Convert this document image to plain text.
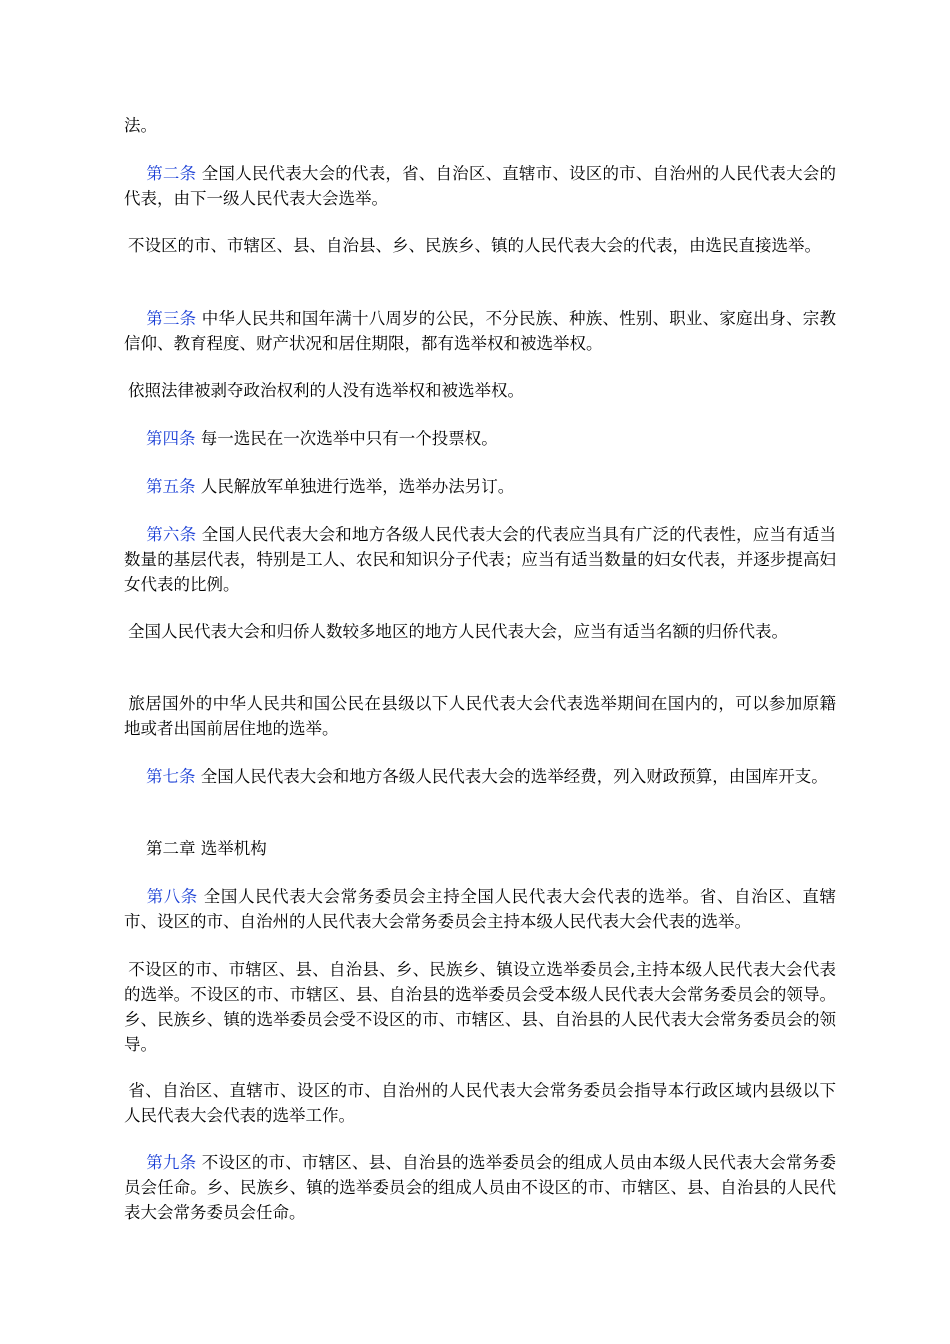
法。

第二条 全国人民代表大会的代表，省、自治区、直辖市、设区的市、自治州的人民代表大会的代表，由下一级人民代表大会选举。

不设区的市、市辖区、县、自治县、乡、民族乡、镇的人民代表大会的代表，由选民直接选举。

第三条 中华人民共和国年满十八周岁的公民，不分民族、种族、性别、职业、家庭出身、宗教信仰、教育程度、财产状况和居住期限，都有选举权和被选举权。

依照法律被剥夺政治权利的人没有选举权和被选举权。

第四条 每一选民在一次选举中只有一个投票权。

第五条 人民解放军单独进行选举，选举办法另订。

第六条 全国人民代表大会和地方各级人民代表大会的代表应当具有广泛的代表性，应当有适当数量的基层代表，特别是工人、农民和知识分子代表；应当有适当数量的妇女代表，并逐步提高妇女代表的比例。

全国人民代表大会和归侨人数较多地区的地方人民代表大会，应当有适当名额的归侨代表。

旅居国外的中华人民共和国公民在县级以下人民代表大会代表选举期间在国内的，可以参加原籍地或者出国前居住地的选举。

第七条 全国人民代表大会和地方各级人民代表大会的选举经费，列入财政预算，由国库开支。

第二章 选举机构

第八条 全国人民代表大会常务委员会主持全国人民代表大会代表的选举。省、自治区、直辖市、设区的市、自治州的人民代表大会常务委员会主持本级人民代表大会代表的选举。

不设区的市、市辖区、县、自治县、乡、民族乡、镇设立选举委员会,主持本级人民代表大会代表的选举。不设区的市、市辖区、县、自治县的选举委员会受本级人民代表大会常务委员会的领导。乡、民族乡、镇的选举委员会受不设区的市、市辖区、县、自治县的人民代表大会常务委员会的领导。

省、自治区、直辖市、设区的市、自治州的人民代表大会常务委员会指导本行政区域内县级以下人民代表大会代表的选举工作。

第九条 不设区的市、市辖区、县、自治县的选举委员会的组成人员由本级人民代表大会常务委员会任命。乡、民族乡、镇的选举委员会的组成人员由不设区的市、市辖区、县、自治县的人民代表大会常务委员会任命。
